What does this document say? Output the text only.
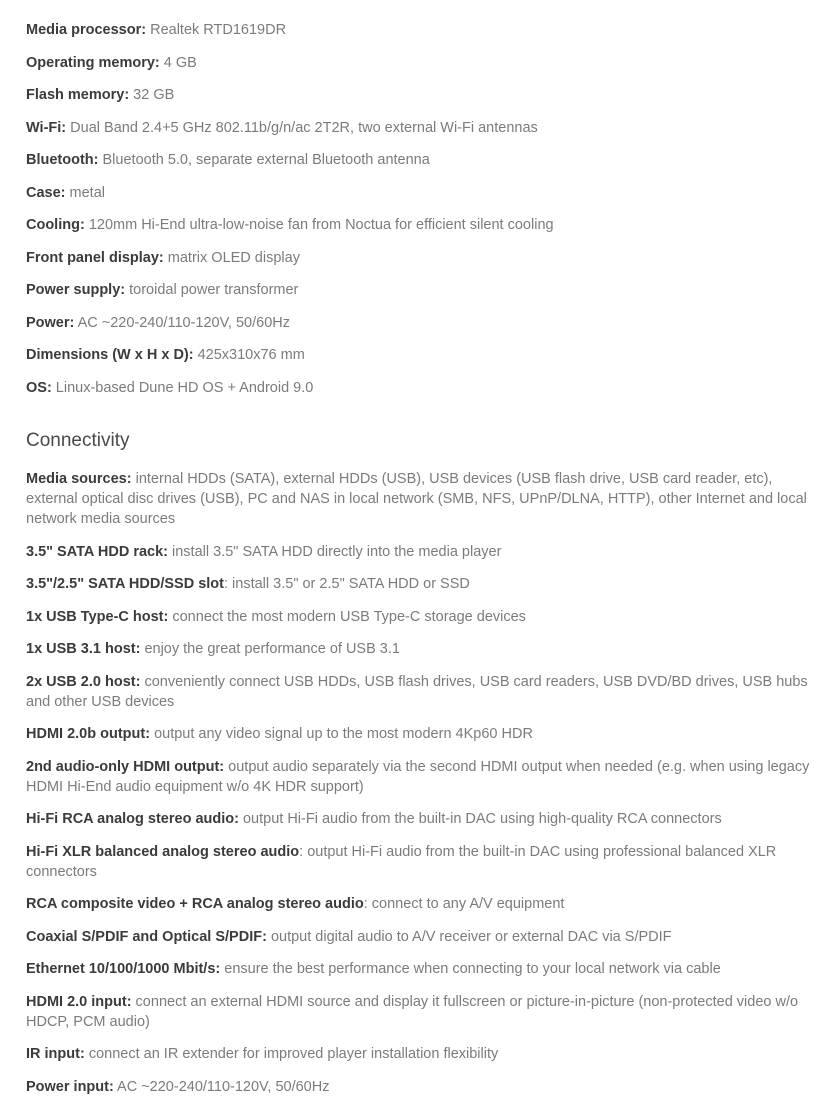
Media processor: Realtek RTD1619DR
Operating memory: 4 GB
Flash memory: 32 GB
Wi-Fi: Dual Band 2.4+5 GHz 802.11b/g/n/ac 2T2R, two external Wi-Fi antennas
Bluetooth: Bluetooth 5.0, separate external Bluetooth antenna
Case: metal
Cooling: 120mm Hi-End ultra-low-noise fan from Noctua for efficient silent cooling
Front panel display: matrix OLED display
Power supply: toroidal power transformer
Power: AC ~220-240/110-120V, 50/60Hz
Dimensions (W x H x D): 425x310x76 mm
OS: Linux-based Dune HD OS + Android 9.0
Connectivity
Media sources: internal HDDs (SATA), external HDDs (USB), USB devices (USB flash drive, USB card reader, etc), external optical disc drives (USB), PC and NAS in local network (SMB, NFS, UPnP/DLNA, HTTP), other Internet and local network media sources
3.5" SATA HDD rack: install 3.5" SATA HDD directly into the media player
3.5"/2.5" SATA HDD/SSD slot: install 3.5" or 2.5" SATA HDD or SSD
1x USB Type-C host: connect the most modern USB Type-C storage devices
1x USB 3.1 host: enjoy the great performance of USB 3.1
2x USB 2.0 host: conveniently connect USB HDDs, USB flash drives, USB card readers, USB DVD/BD drives, USB hubs and other USB devices
HDMI 2.0b output: output any video signal up to the most modern 4Kp60 HDR
2nd audio-only HDMI output: output audio separately via the second HDMI output when needed (e.g. when using legacy HDMI Hi-End audio equipment w/o 4K HDR support)
Hi-Fi RCA analog stereo audio: output Hi-Fi audio from the built-in DAC using high-quality RCA connectors
Hi-Fi XLR balanced analog stereo audio: output Hi-Fi audio from the built-in DAC using professional balanced XLR connectors
RCA composite video + RCA analog stereo audio: connect to any A/V equipment
Coaxial S/PDIF and Optical S/PDIF: output digital audio to A/V receiver or external DAC via S/PDIF
Ethernet 10/100/1000 Mbit/s: ensure the best performance when connecting to your local network via cable
HDMI 2.0 input: connect an external HDMI source and display it fullscreen or picture-in-picture (non-protected video w/o HDCP, PCM audio)
IR input: connect an IR extender for improved player installation flexibility
Power input: AC ~220-240/110-120V, 50/60Hz
